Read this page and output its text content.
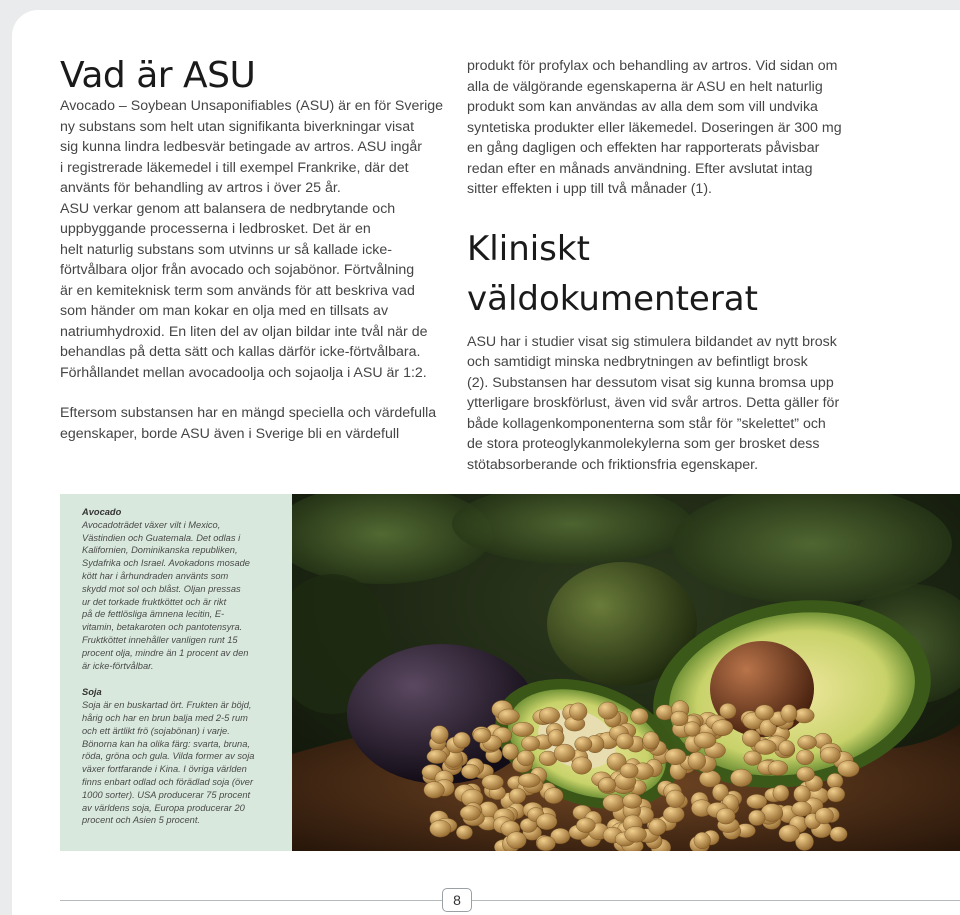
Vad är ASU
Avocado – Soybean Unsaponifiables (ASU) är en för Sverige
ny substans som helt utan signifikanta biverkningar visat
sig kunna lindra ledbesvär betingade av artros. ASU ingår
i registrerade läkemedel i till exempel Frankrike, där det
använts för behandling av artros i över 25 år.
ASU verkar genom att balansera de nedbrytande och
uppbyggande processerna i ledbrosket. Det är en
helt naturlig substans som utvinns ur så kallade icke-
förtvålbara oljor från avocado och sojabönor. Förtvålning
är en kemiteknisk term som används för att beskriva vad
som händer om man kokar en olja med en tillsats av
natriumhydroxid. En liten del av oljan bildar inte tvål när de
behandlas på detta sätt och kallas därför icke-förtvålbara.
Förhållandet mellan avocadoolja och sojaolja i ASU är 1:2.
Eftersom substansen har en mängd speciella och värdefulla
egenskaper, borde ASU även i Sverige bli en värdefull
produkt för profylax och behandling av artros. Vid sidan om
alla de välgörande egenskaperna är ASU en helt naturlig
produkt som kan användas av alla dem som vill undvika
syntetiska produkter eller läkemedel. Doseringen är 300 mg
en gång dagligen och effekten har rapporterats påvisbar
redan efter en månads användning. Efter avslutat intag
sitter effekten i upp till två månader (1).
Kliniskt
väldokumenterat
ASU har i studier visat sig stimulera bildandet av nytt brosk
och samtidigt minska nedbrytningen av befintligt brosk
(2). Substansen har dessutom visat sig kunna bromsa upp
ytterligare broskförlust, även vid svår artros. Detta gäller för
både kollagenkomponenterna som står för ”skelettet” och
de stora proteoglykanmolekylerna som ger brosket dess
stötabsorberande och friktionsfria egenskaper.
Avocado
Avocadoträdet växer vilt i Mexico,
Västindien och Guatemala. Det odlas i
Kalifornien, Dominikanska republiken,
Sydafrika och Israel. Avokadons mosade
kött har i århundraden använts som
skydd mot sol och blåst. Oljan pressas
ur det torkade fruktköttet och är rikt
på de fettlösliga ämnena lecitin, E-
vitamin, betakaroten och pantotensyra.
Fruktköttet innehåller vanligen runt 15
procent olja, mindre än 1 procent av den
är icke-förtvålbar.
Soja
Soja är en buskartad ört. Frukten är böjd,
hårig och har en brun balja med 2-5 rum
och ett ärtlikt frö (sojabönan) i varje.
Bönorna kan ha olika färg: svarta, bruna,
röda, gröna och gula. Vilda former av soja
växer fortfarande i Kina. I övriga världen
finns enbart odlad och förädlad soja (över
1000 sorter). USA producerar 75 procent
av världens soja, Europa producerar 20
procent och Asien 5 procent.
8
